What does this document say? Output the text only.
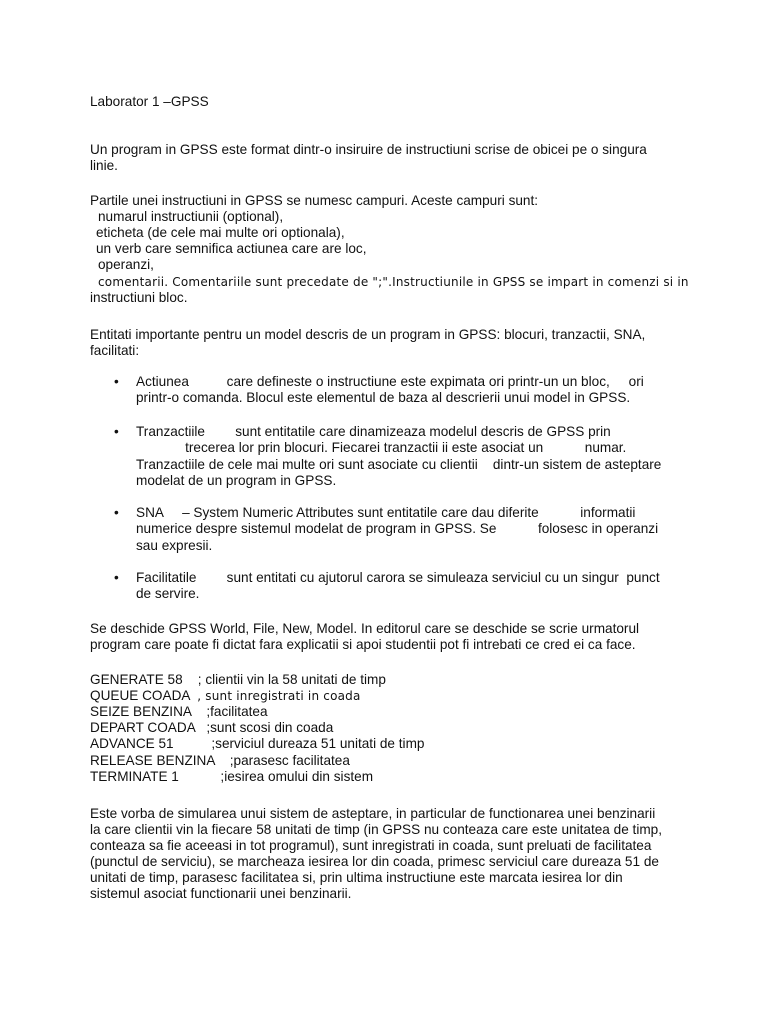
Laborator 1 –GPSS

Un program in GPSS este format dintr-o insiruire de instructiuni scrise de obicei pe o singura

linie.

Partile unei instructiuni in GPSS se numesc campuri. Aceste campuri sunt:

numarul instructiunii (optional),

eticheta (de cele mai multe ori optionala),

un verb care semnifica actiunea care are loc,

operanzi,

comentarii. Comentariile sunt precedate de ";".Instructiunile in GPSS se impart in comenzi si in

instructiuni bloc.

Entitati importante pentru un model descris de un program in GPSS: blocuri, tranzactii, SNA,

facilitati:

• Actiunea          care defineste o instructiune este expimata ori printr-un un bloc,     ori

printr-o comanda. Blocul este elementul de baza al descrierii unui model in GPSS.

• Tranzactiile        sunt entitatile care dinamizeaza modelul descris de GPSS prin

trecerea lor prin blocuri. Fiecarei tranzactii ii este asociat un           numar.

Tranzactiile de cele mai multe ori sunt asociate cu clientii    dintr-un sistem de asteptare

modelat de un program in GPSS.

• SNA     – System Numeric Attributes sunt entitatile care dau diferite           informatii

numerice despre sistemul modelat de program in GPSS. Se           folosesc in operanzi

sau expresii.

• Facilitatile        sunt entitati cu ajutorul carora se simuleaza serviciul cu un singur  punct

de servire.

Se deschide GPSS World, File, New, Model. In editorul care se deschide se scrie urmatorul

program care poate fi dictat fara explicatii si apoi studentii pot fi intrebati ce cred ei ca face.

GENERATE 58    ; clientii vin la 58 unitati de timp

QUEUE COADA  , sunt inregistrati in coada

SEIZE BENZINA    ;facilitatea

DEPART COADA   ;sunt scosi din coada

ADVANCE 51          ;serviciul dureaza 51 unitati de timp

RELEASE BENZINA    ;parasesc facilitatea

TERMINATE 1           ;iesirea omului din sistem

Este vorba de simularea unui sistem de asteptare, in particular de functionarea unei benzinarii

la care clientii vin la fiecare 58 unitati de timp (in GPSS nu conteaza care este unitatea de timp,

conteaza sa fie aceeasi in tot programul), sunt inregistrati in coada, sunt preluati de facilitatea

(punctul de serviciu), se marcheaza iesirea lor din coada, primesc serviciul care dureaza 51 de

unitati de timp, parasesc facilitatea si, prin ultima instructiune este marcata iesirea lor din

sistemul asociat functionarii unei benzinarii.
